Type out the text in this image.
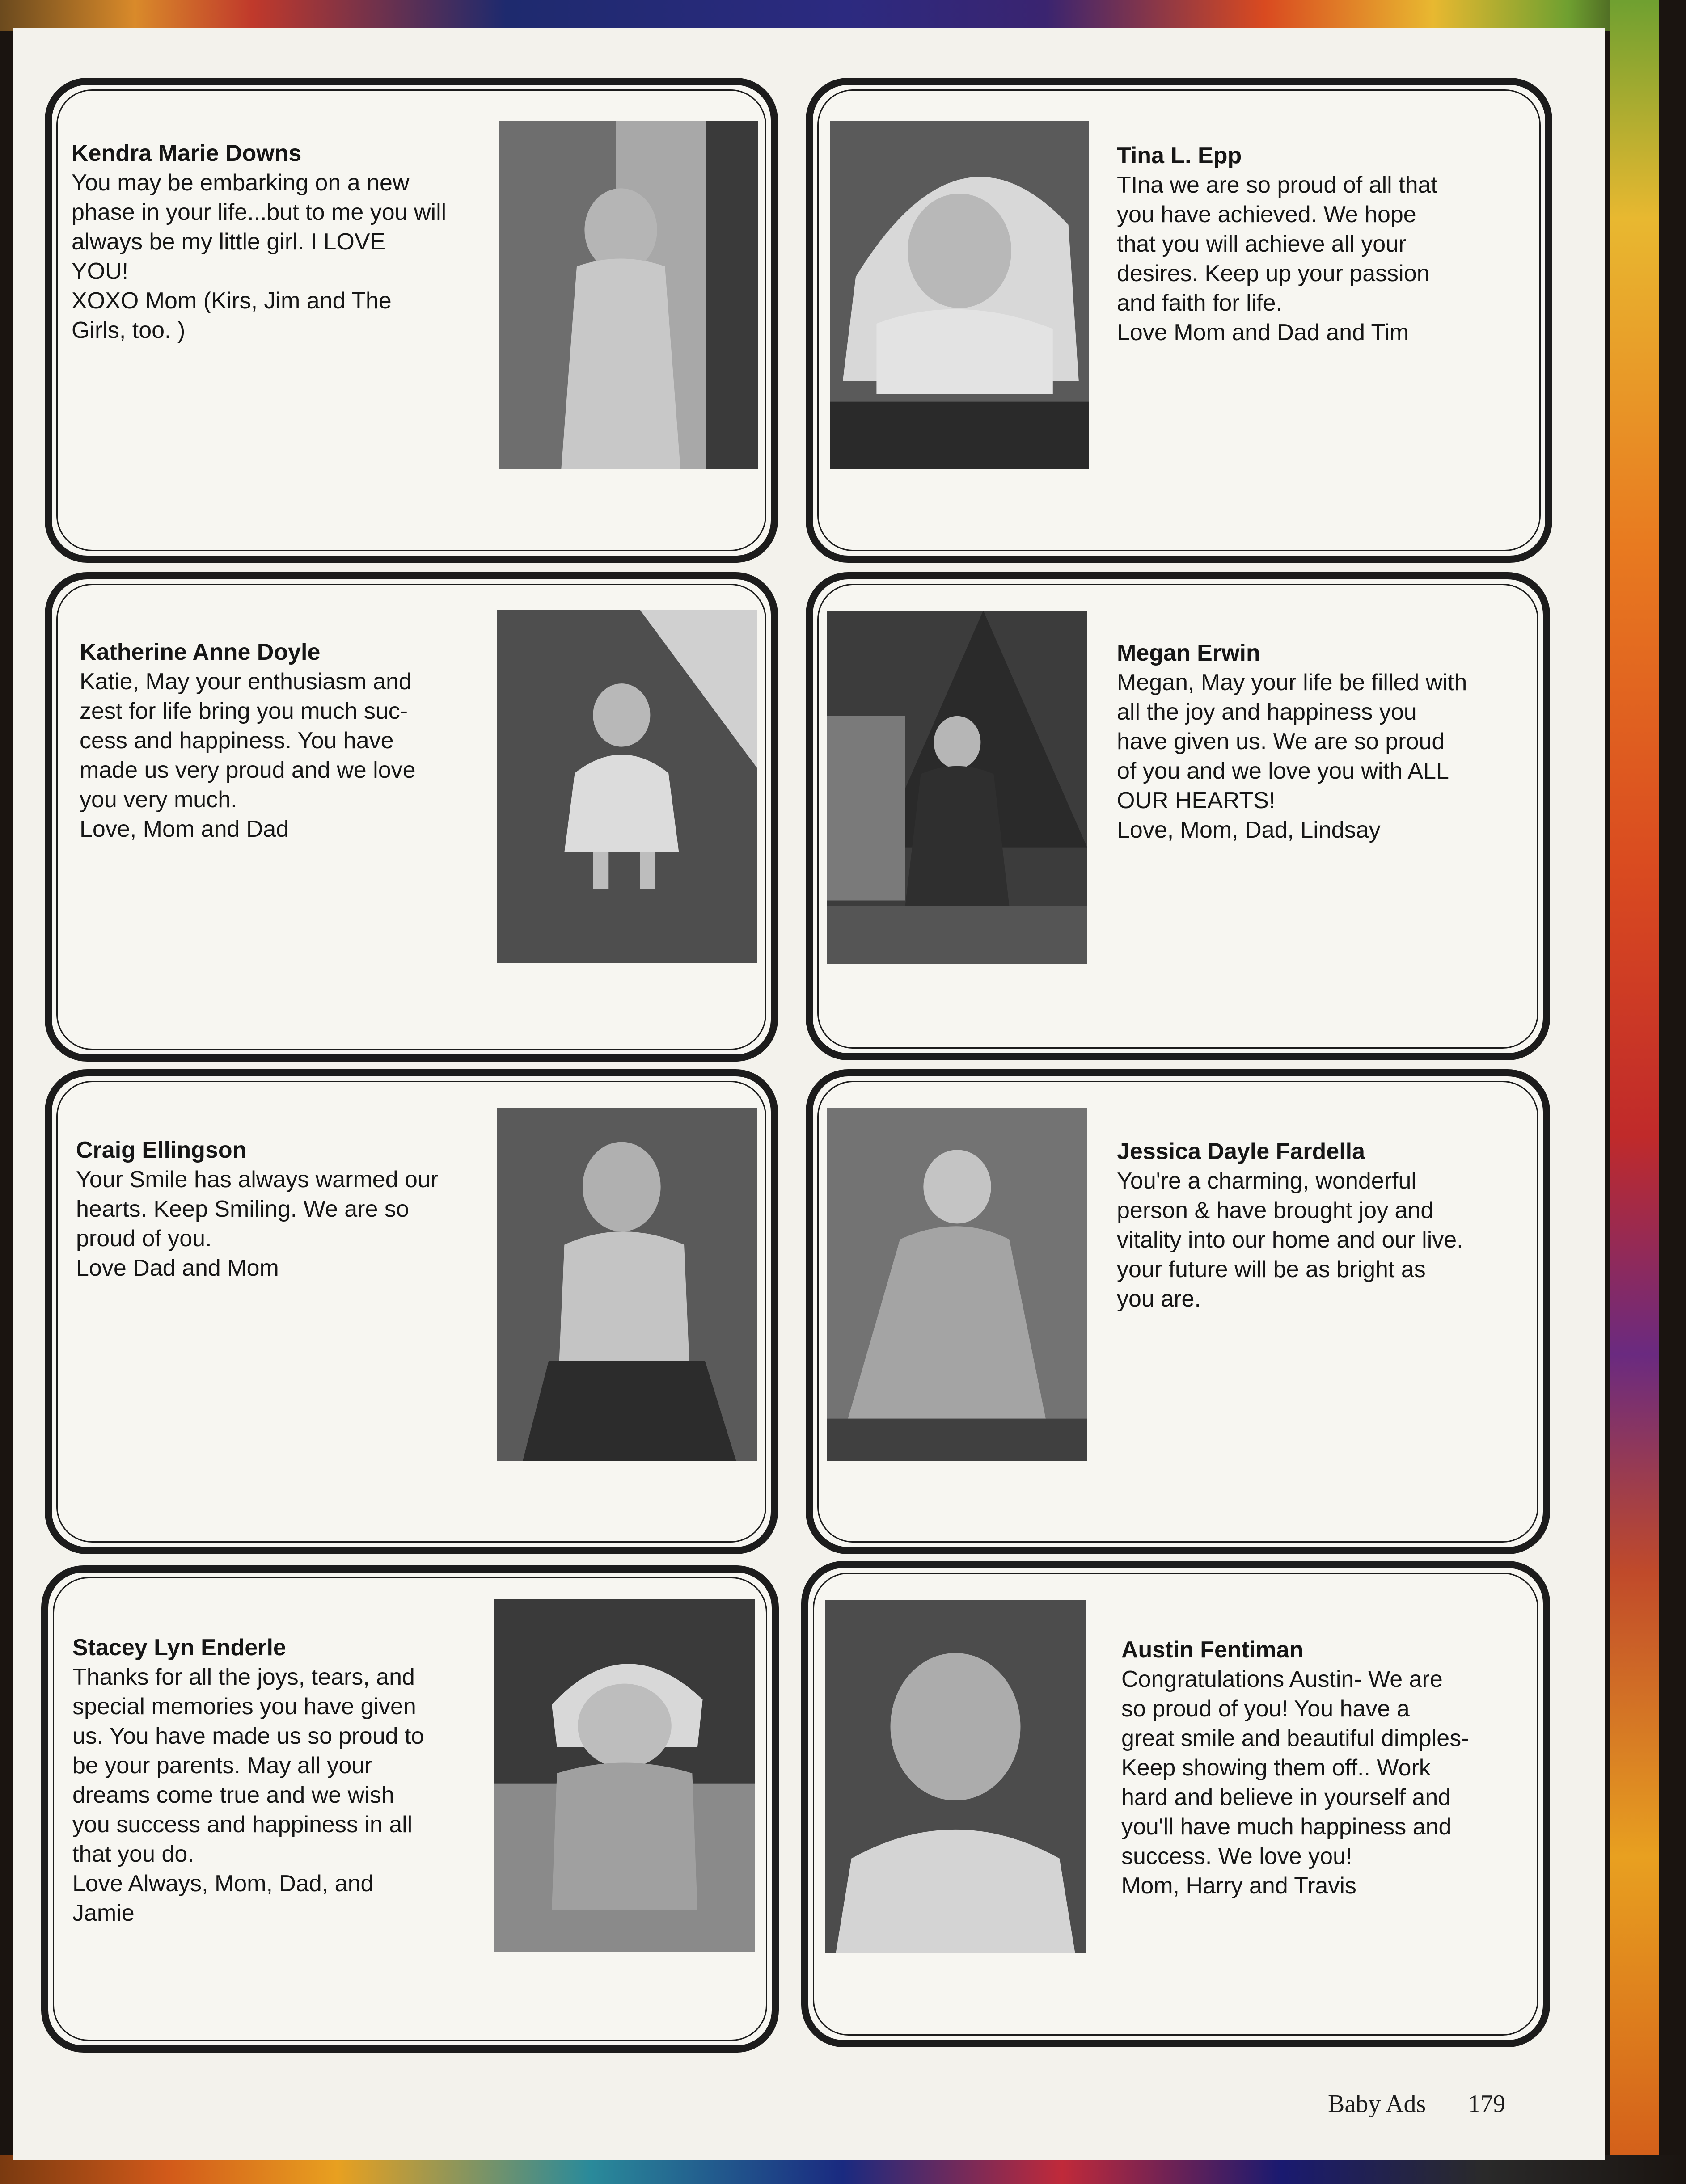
Kendra Marie Downs
You may be embarking on a new
phase in your life...but to me you will
always be my little girl. I LOVE
YOU!
XOXO Mom (Kirs, Jim and The
Girls, too. )
Tina L. Epp
TIna we are so proud of all that
you have achieved. We hope
that you will achieve all your
desires. Keep up your passion
and faith for life.
Love Mom and Dad and Tim
Katherine Anne Doyle
Katie, May your enthusiasm and
zest for life bring you much suc-
cess and happiness. You have
made us very proud and we love
you very much.
Love, Mom and Dad
Megan Erwin
Megan, May your life be filled with
all the joy and happiness you
have given us. We are so proud
of you and we love you with ALL
OUR HEARTS!
Love, Mom, Dad, Lindsay
Craig Ellingson
Your Smile has always warmed our
hearts. Keep Smiling. We are so
proud of you.
Love Dad and Mom
Jessica Dayle Fardella
You're a charming, wonderful
person & have brought joy and
vitality into our home and our live.
your future will be as bright as
you are.
Stacey Lyn Enderle
Thanks for all the joys, tears, and
special memories you have given
us. You have made us so proud to
be your parents. May all your
dreams come true and we wish
you success and happiness in all
that you do.
Love Always, Mom, Dad, and
Jamie
Austin Fentiman
Congratulations Austin- We are
so proud of you! You have a
great smile and beautiful dimples-
Keep showing them off.. Work
hard and believe in yourself and
you'll have much happiness and
success. We love you!
Mom, Harry and Travis
Baby Ads 179
